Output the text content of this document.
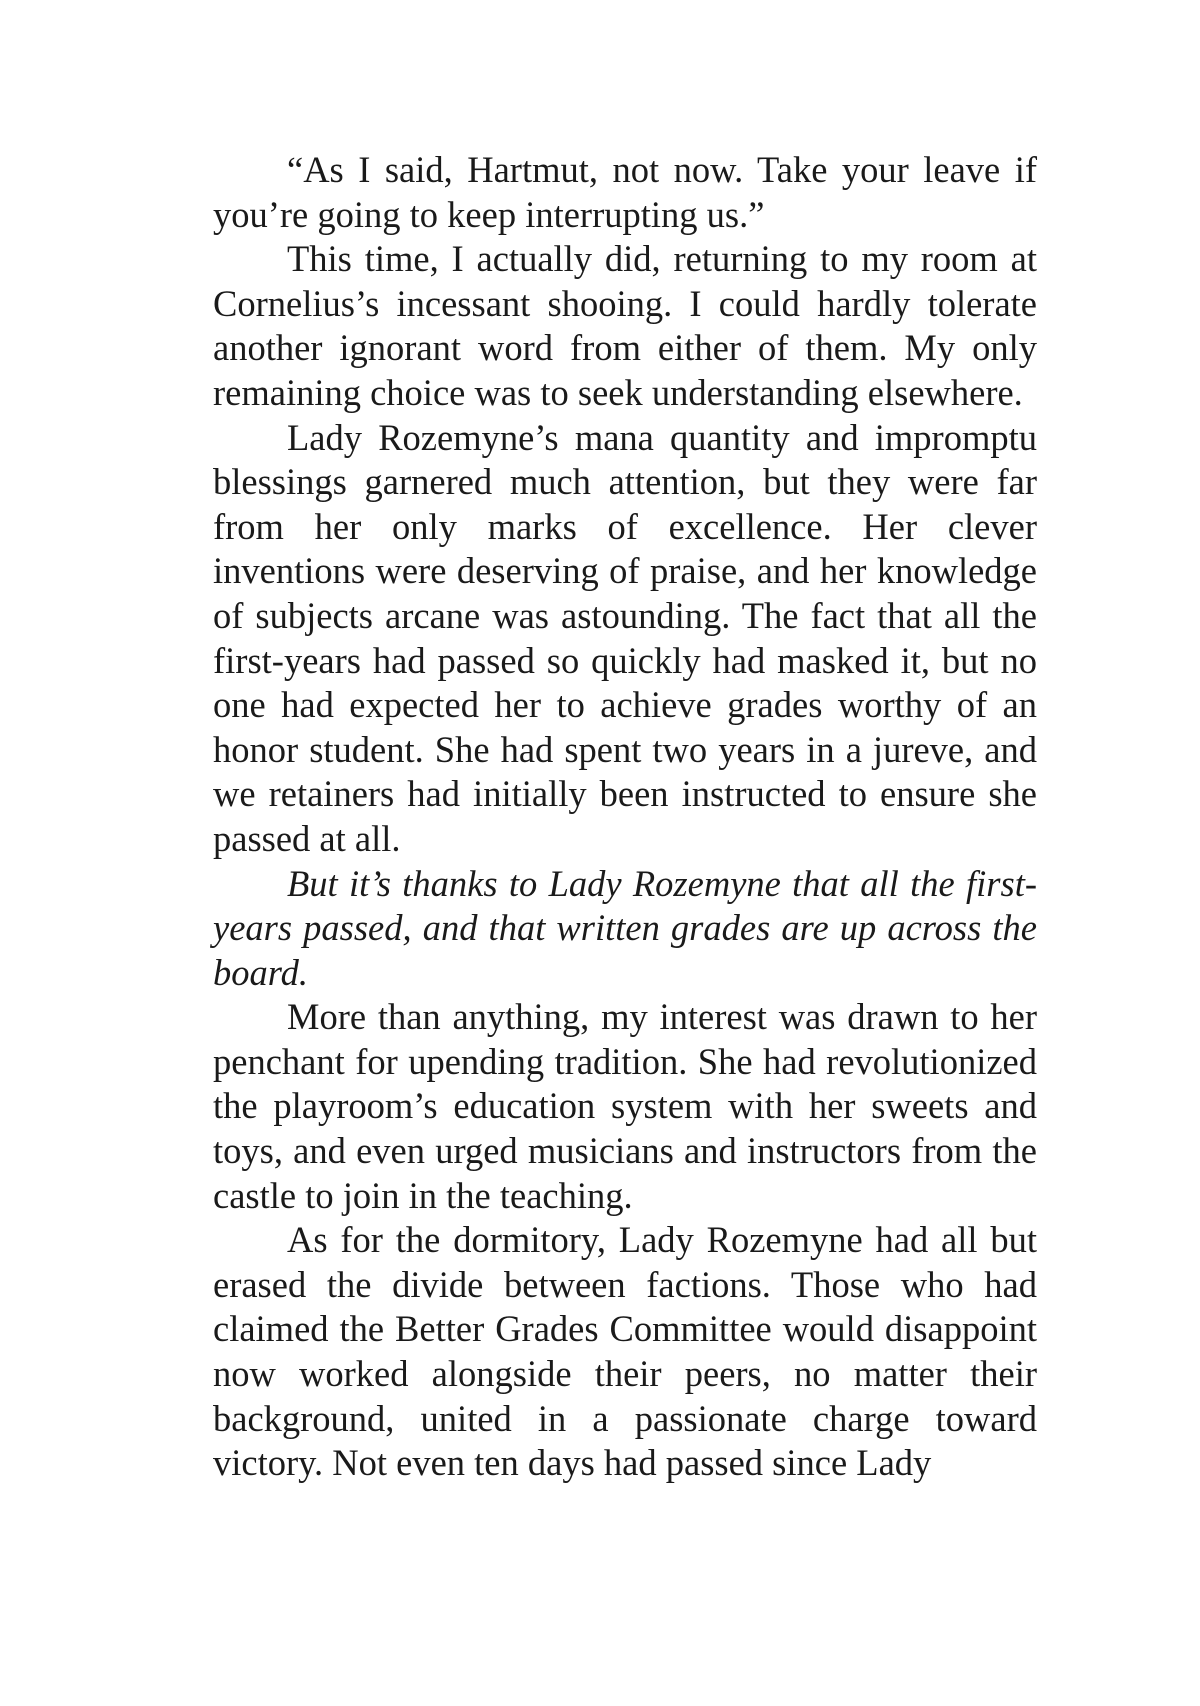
“As I said, Hartmut, not now. Take your leave if you’re going to keep interrupting us.”

This time, I actually did, returning to my room at Cornelius’s incessant shooing. I could hardly tolerate another ignorant word from either of them. My only remaining choice was to seek understanding elsewhere.

Lady Rozemyne’s mana quantity and impromptu blessings garnered much attention, but they were far from her only marks of excellence. Her clever inventions were deserving of praise, and her knowledge of subjects arcane was astounding. The fact that all the first-years had passed so quickly had masked it, but no one had expected her to achieve grades worthy of an honor student. She had spent two years in a jureve, and we retainers had initially been instructed to ensure she passed at all.

But it’s thanks to Lady Rozemyne that all the first-years passed, and that written grades are up across the board.

More than anything, my interest was drawn to her penchant for upending tradition. She had revolutionized the playroom’s education system with her sweets and toys, and even urged musicians and instructors from the castle to join in the teaching.

As for the dormitory, Lady Rozemyne had all but erased the divide between factions. Those who had claimed the Better Grades Committee would disappoint now worked alongside their peers, no matter their background, united in a passionate charge toward victory. Not even ten days had passed since Lady
